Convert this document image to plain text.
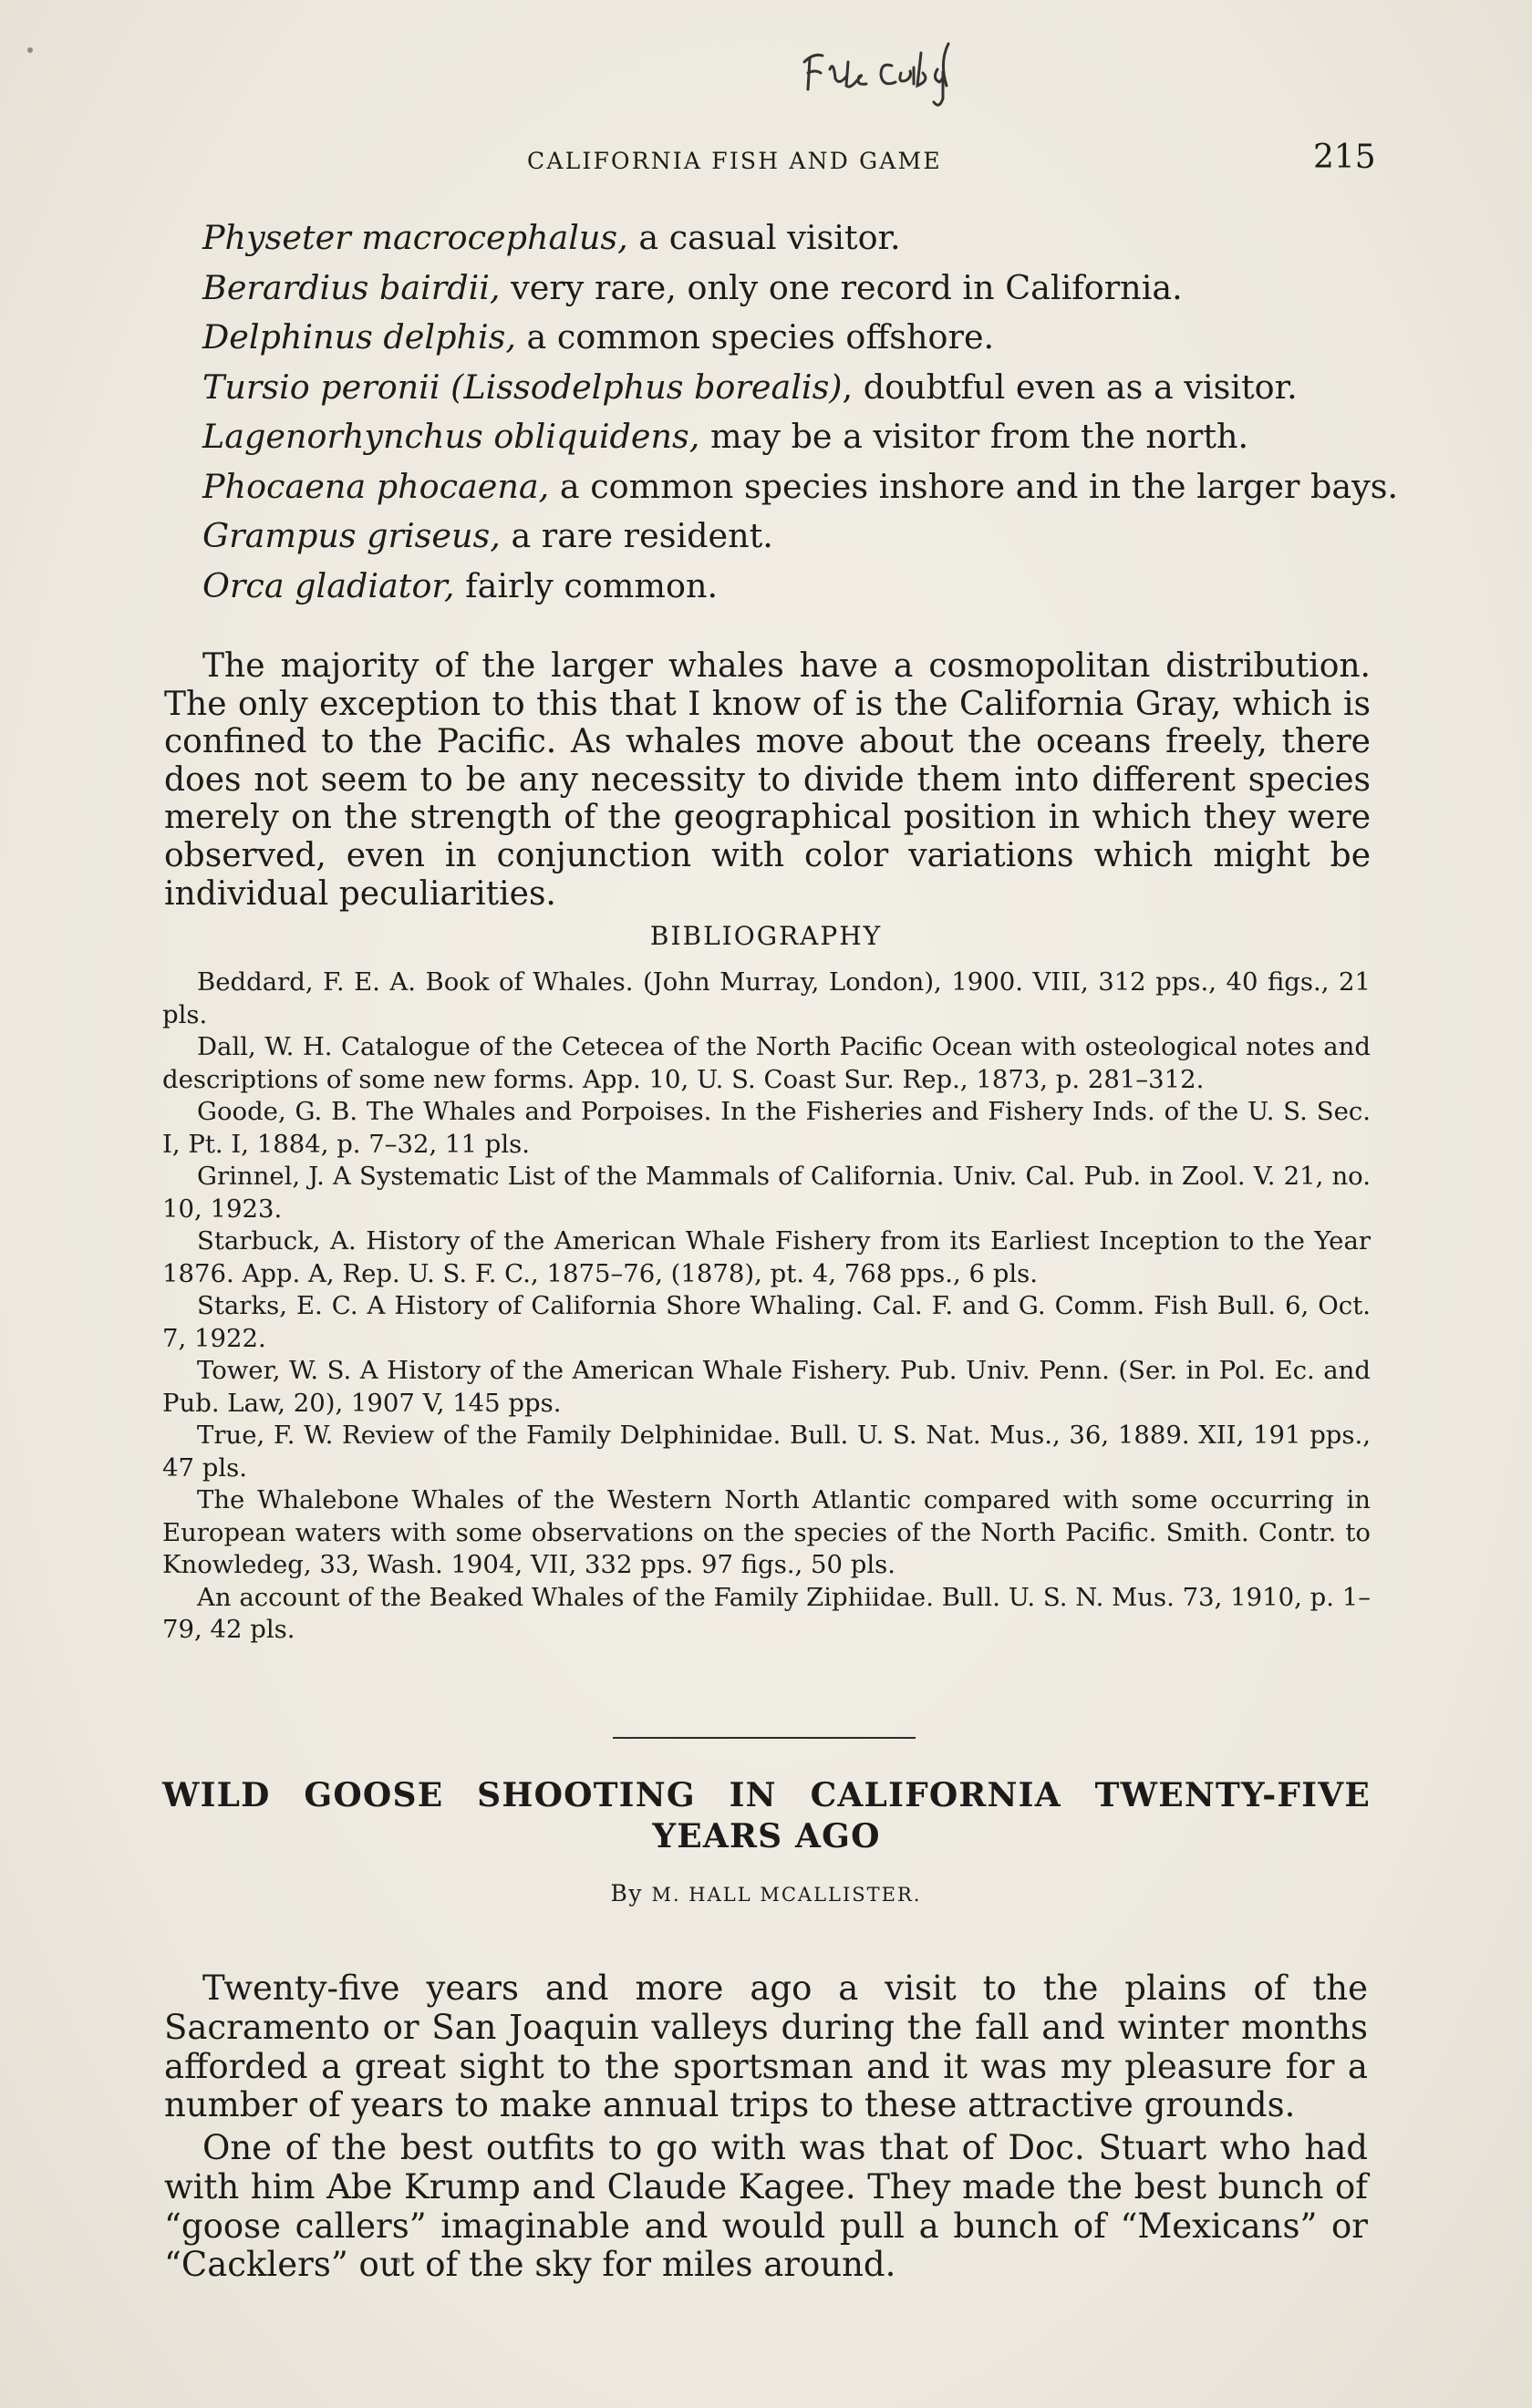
CALIFORNIA FISH AND GAME	215
Physeter macrocephalus, a casual visitor.
Berardius bairdii, very rare, only one record in California.
Delphinus delphis, a common species offshore.
Tursio peronii (Lissodelphus borealis), doubtful even as a visitor.
Lagenorhynchus obliquidens, may be a visitor from the north.
Phocaena phocaena, a common species inshore and in the larger bays.
Grampus griseus, a rare resident.
Orca gladiator, fairly common.

The majority of the larger whales have a cosmopolitan distribution. The only exception to this that I know of is the California Gray, which is confined to the Pacific. As whales move about the oceans freely, there does not seem to be any necessity to divide them into different species merely on the strength of the geographical position in which they were observed, even in conjunction with color variations which might be individual peculiarities.

BIBLIOGRAPHY

Beddard, F. E. A. Book of Whales. (John Murray, London), 1900. VIII, 312 pps., 40 figs., 21 pls.

Dall, W. H. Catalogue of the Cetecea of the North Pacific Ocean with osteological notes and descriptions of some new forms. App. 10, U. S. Coast Sur. Rep., 1873, p. 281–312.

Goode, G. B. The Whales and Porpoises. In the Fisheries and Fishery Inds. of the U. S. Sec. I, Pt. I, 1884, p. 7–32, 11 pls.

Grinnel, J. A Systematic List of the Mammals of California. Univ. Cal. Pub. in Zool. V. 21, no. 10, 1923.

Starbuck, A. History of the American Whale Fishery from its Earliest Inception to the Year 1876. App. A, Rep. U. S. F. C., 1875–76, (1878), pt. 4, 768 pps., 6 pls.

Starks, E. C. A History of California Shore Whaling. Cal. F. and G. Comm. Fish Bull. 6, Oct. 7, 1922.

Tower, W. S. A History of the American Whale Fishery. Pub. Univ. Penn. (Ser. in Pol. Ec. and Pub. Law, 20), 1907 V, 145 pps.

True, F. W. Review of the Family Delphinidae. Bull. U. S. Nat. Mus., 36, 1889. XII, 191 pps., 47 pls.

The Whalebone Whales of the Western North Atlantic compared with some occurring in European waters with some observations on the species of the North Pacific. Smith. Contr. to Knowledeg, 33, Wash. 1904, VII, 332 pps. 97 figs., 50 pls.

An account of the Beaked Whales of the Family Ziphiidae. Bull. U. S. N. Mus. 73, 1910, p. 1–79, 42 pls.

WILD GOOSE SHOOTING IN CALIFORNIA TWENTY-FIVE
YEARS AGO
By M. HALL MCALLISTER.

Twenty-five years and more ago a visit to the plains of the Sacramento or San Joaquin valleys during the fall and winter months afforded a great sight to the sportsman and it was my pleasure for a number of years to make annual trips to these attractive grounds.

One of the best outfits to go with was that of Doc. Stuart who had with him Abe Krump and Claude Kagee. They made the best bunch of “goose callers” imaginable and would pull a bunch of “Mexicans” or “Cacklers” out of the sky for miles around.
